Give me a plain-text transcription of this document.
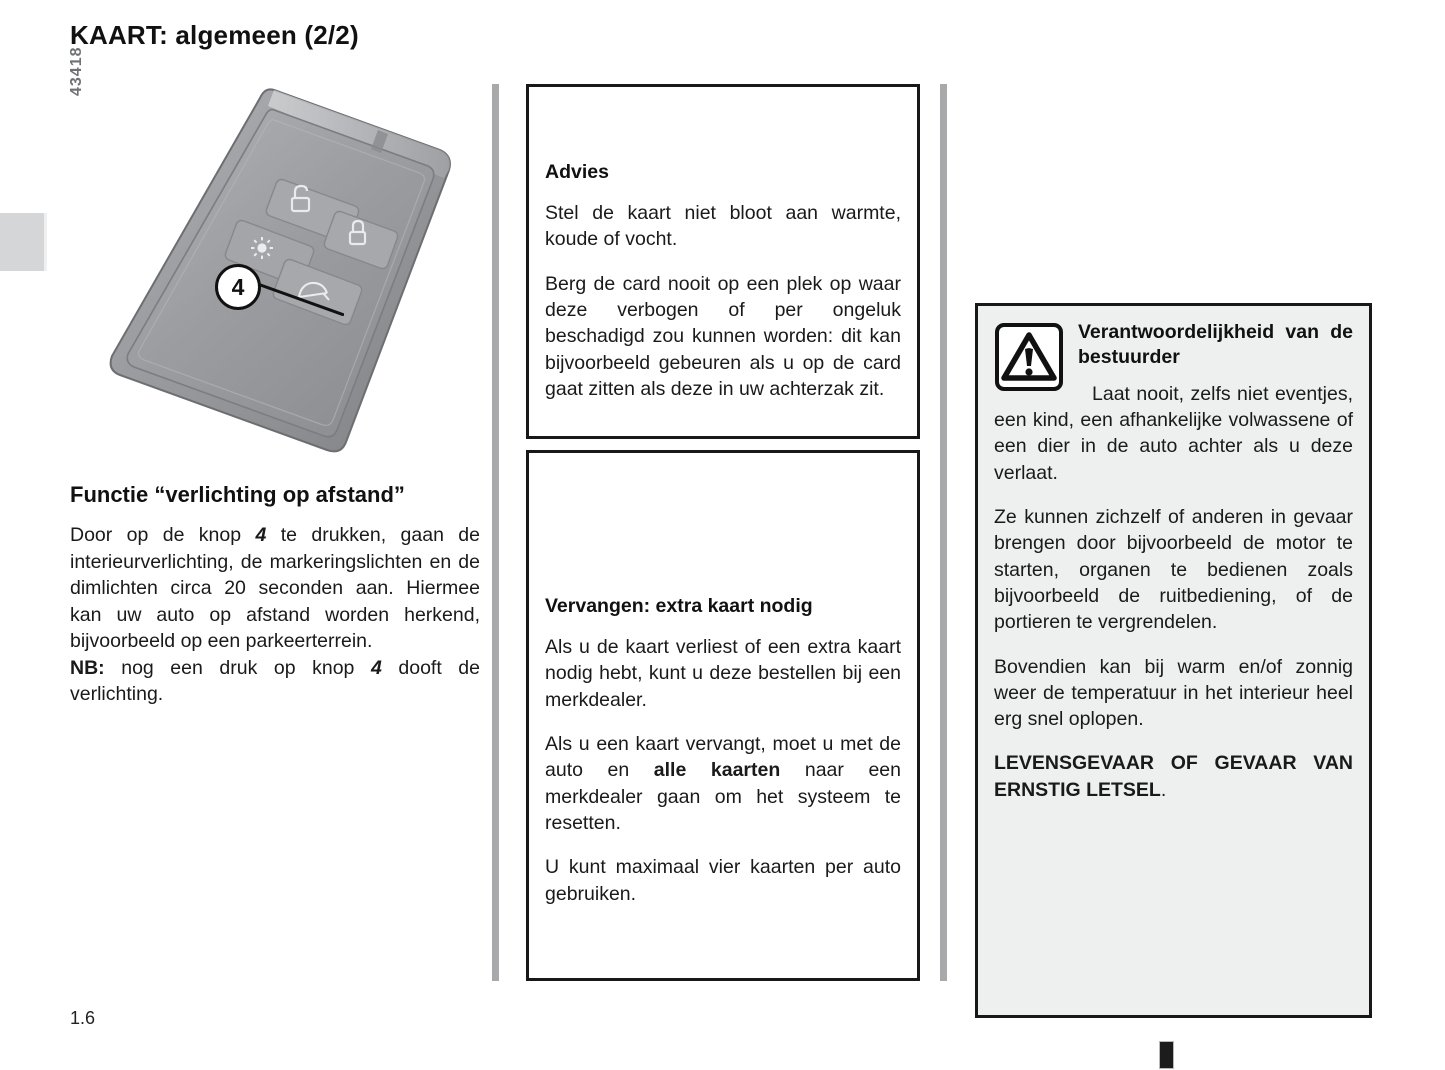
KAART: algemeen (2/2)
43418
4
Functie “verlichting op afstand”

Door op de knop 4 te drukken, gaan de interieurverlichting, de markeringslichten en de dimlichten circa 20 seconden aan. Hiermee kan uw auto op afstand worden herkend, bijvoorbeeld op een parkeerterrein.
NB: nog een druk op knop 4 dooft de verlichting.

Advies

Stel de kaart niet bloot aan warmte, koude of vocht.

Berg de card nooit op een plek op waar deze verbogen of per ongeluk beschadigd zou kunnen worden: dit kan bijvoorbeeld gebeuren als u op de card gaat zitten als deze in uw achterzak zit.

Vervangen: extra kaart nodig

Als u de kaart verliest of een extra kaart nodig hebt, kunt u deze bestellen bij een merkdealer.

Als u een kaart vervangt, moet u met de auto en alle kaarten naar een merkdealer gaan om het systeem te resetten.

U kunt maximaal vier kaarten per auto gebruiken.

Verantwoordelijkheid van de bestuurder

Laat nooit, zelfs niet eventjes, een kind, een afhankelijke volwassene of een dier in de auto achter als u deze verlaat.

Ze kunnen zichzelf of anderen in gevaar brengen door bijvoorbeeld de motor te starten, organen te bedienen zoals bijvoorbeeld de ruitbediening, of de portieren te vergrendelen.

Bovendien kan bij warm en/of zonnig weer de temperatuur in het interieur heel erg snel oplopen.

LEVENSGEVAAR OF GEVAAR VAN ERNSTIG LETSEL.

1.6
